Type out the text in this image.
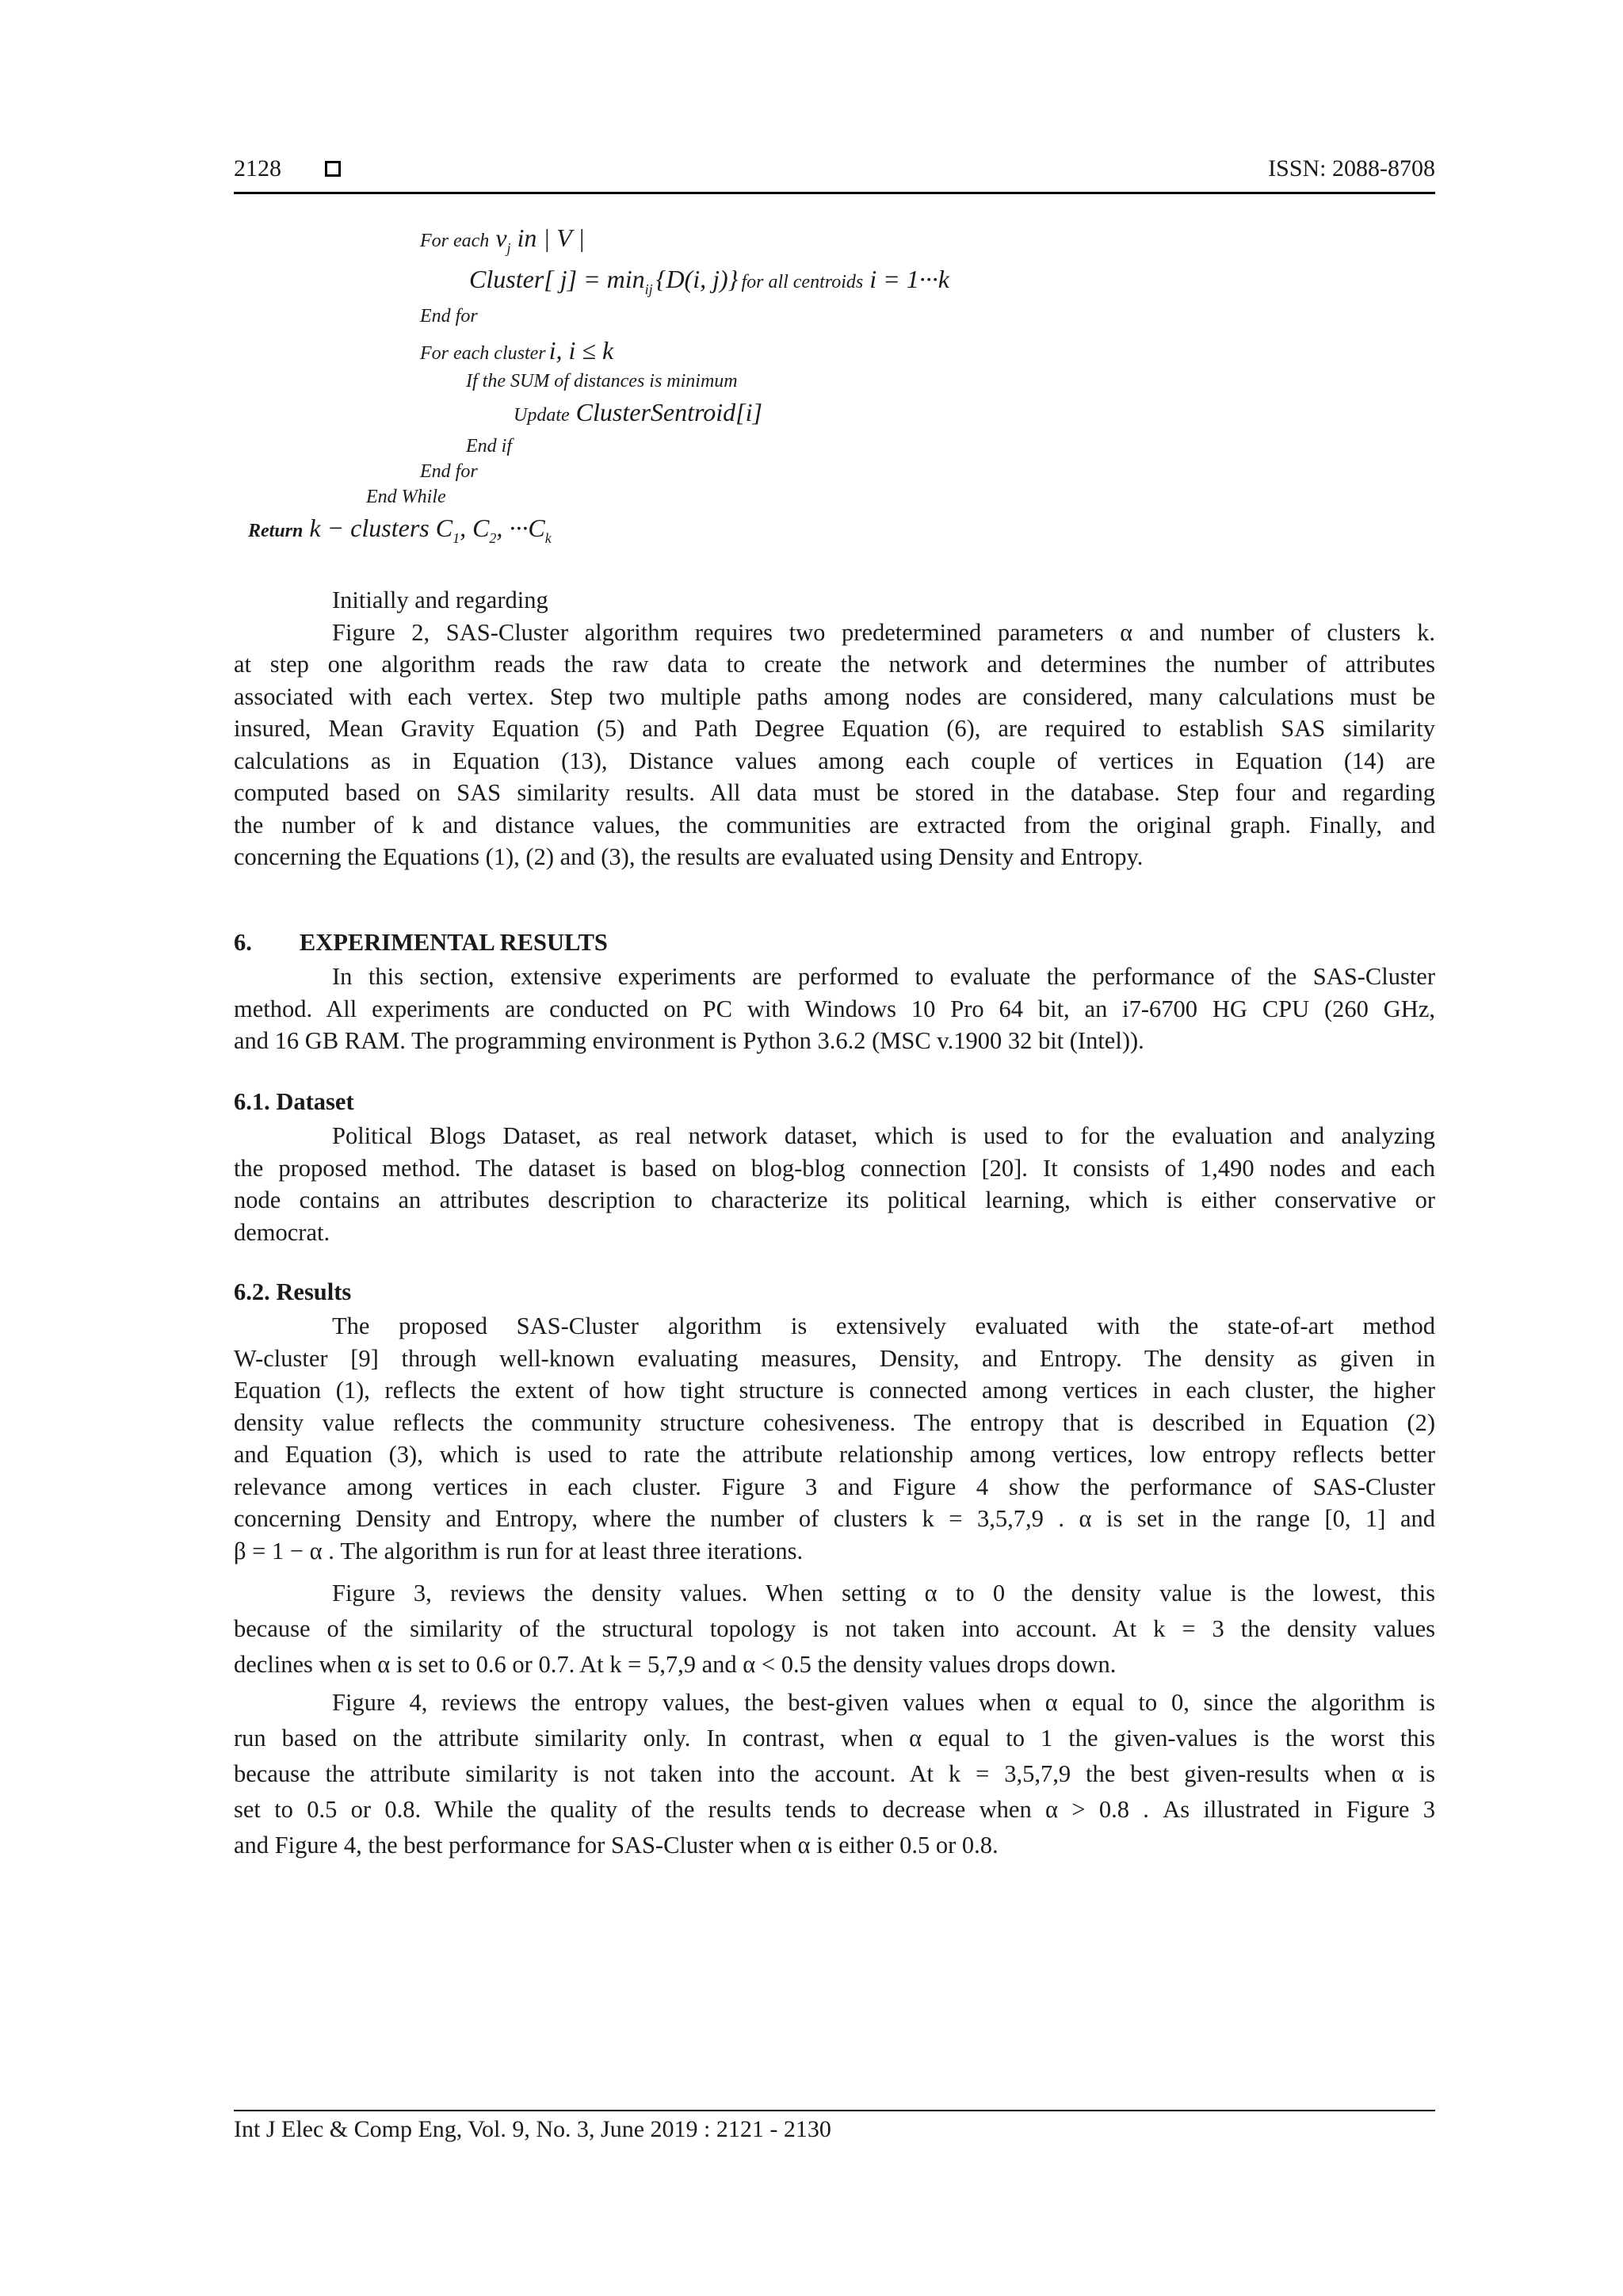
2128	ISSN: 2088-8708
For each vj in | V |
Cluster[ j] = minij {D(i, j)} for all centroids i = 1···k
End for
For each cluster i, i ≤ k
If the SUM of distances is minimum
Update ClusterSentroid[i]
End if
End for
End While
Return k − clusters C1, C2, ···Ck
Initially and regarding
Figure 2, SAS-Cluster algorithm requires two predetermined parameters α and number of clusters k.
at step one algorithm reads the raw data to create the network and determines the number of attributes
associated with each vertex. Step two multiple paths among nodes are considered, many calculations must be
insured, Mean Gravity Equation (5) and Path Degree Equation (6), are required to establish SAS similarity
calculations as in Equation (13), Distance values among each couple of vertices in Equation (14) are
computed based on SAS similarity results. All data must be stored in the database. Step four and regarding
the number of k and distance values, the communities are extracted from the original graph. Finally, and
concerning the Equations (1), (2) and (3), the results are evaluated using Density and Entropy.
6. EXPERIMENTAL RESULTS
In this section, extensive experiments are performed to evaluate the performance of the SAS-Cluster
method. All experiments are conducted on PC with Windows 10 Pro 64 bit, an i7-6700 HG CPU (260 GHz,
and 16 GB RAM. The programming environment is Python 3.6.2 (MSC v.1900 32 bit (Intel)).
6.1. Dataset
Political Blogs Dataset, as real network dataset, which is used to for the evaluation and analyzing
the proposed method. The dataset is based on blog-blog connection [20]. It consists of 1,490 nodes and each
node contains an attributes description to characterize its political learning, which is either conservative or
democrat.
6.2. Results
The proposed SAS-Cluster algorithm is extensively evaluated with the state-of-art method
W-cluster [9] through well-known evaluating measures, Density, and Entropy. The density as given in
Equation (1), reflects the extent of how tight structure is connected among vertices in each cluster, the higher
density value reflects the community structure cohesiveness. The entropy that is described in Equation (2)
and Equation (3), which is used to rate the attribute relationship among vertices, low entropy reflects better
relevance among vertices in each cluster. Figure 3 and Figure 4 show the performance of SAS-Cluster
concerning Density and Entropy, where the number of clusters k = 3,5,7,9 . α is set in the range [0, 1] and
β = 1 − α . The algorithm is run for at least three iterations.
Figure 3, reviews the density values. When setting α to 0 the density value is the lowest, this
because of the similarity of the structural topology is not taken into account. At k = 3 the density values
declines when α is set to 0.6 or 0.7. At k = 5,7,9 and α < 0.5 the density values drops down.
Figure 4, reviews the entropy values, the best-given values when α equal to 0, since the algorithm is
run based on the attribute similarity only. In contrast, when α equal to 1 the given-values is the worst this
because the attribute similarity is not taken into the account. At k = 3,5,7,9 the best given-results when α is
set to 0.5 or 0.8. While the quality of the results tends to decrease when α > 0.8 . As illustrated in Figure 3
and Figure 4, the best performance for SAS-Cluster when α is either 0.5 or 0.8.
Int J Elec & Comp Eng, Vol. 9, No. 3, June 2019 : 2121 - 2130
